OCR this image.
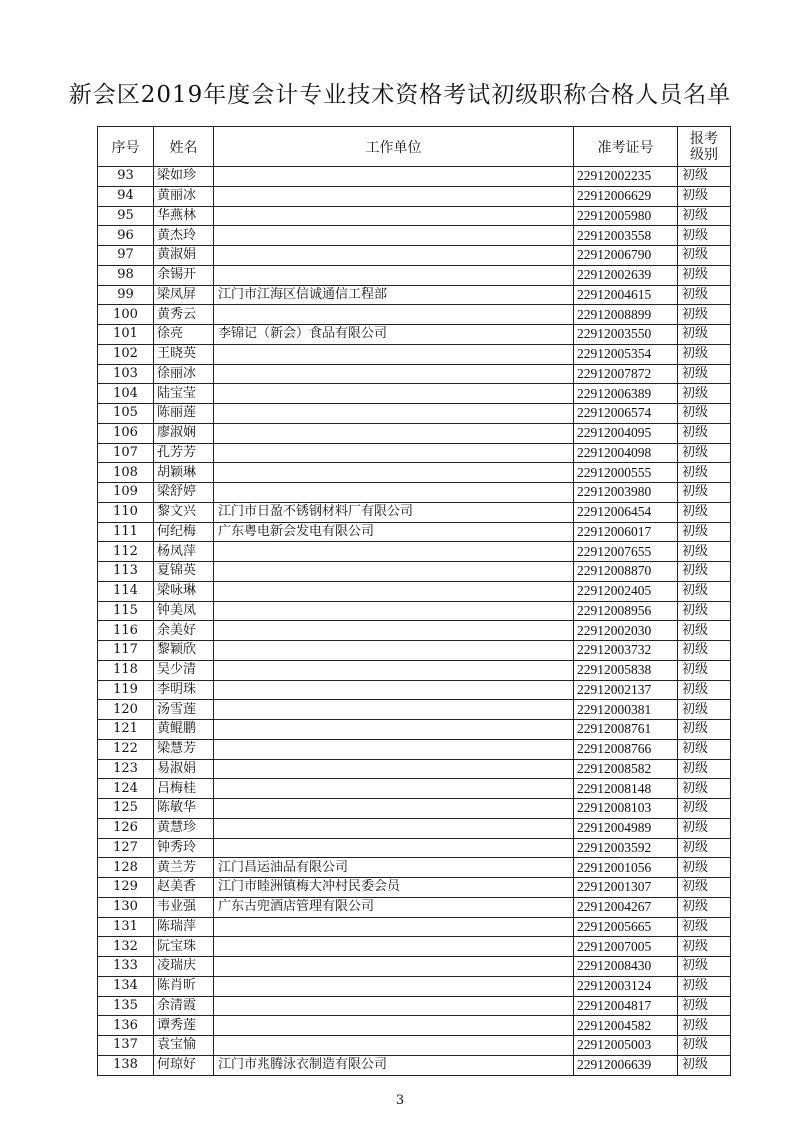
新会区2019年度会计专业技术资格考试初级职称合格人员名单
序号	姓名	工作单位	准考证号	报考
级别
93	梁如珍		22912002235	初级
94	黄丽冰		22912006629	初级
95	华燕林		22912005980	初级
96	黄杰玲		22912003558	初级
97	黄淑娟		22912006790	初级
98	余锡开		22912002639	初级
99	梁凤屏	江门市江海区信诚通信工程部	22912004615	初级
100	黄秀云		22912008899	初级
101	徐亮	李锦记（新会）食品有限公司	22912003550	初级
102	王晓英		22912005354	初级
103	徐丽冰		22912007872	初级
104	陆宝莹		22912006389	初级
105	陈丽莲		22912006574	初级
106	廖淑娴		22912004095	初级
107	孔芳芳		22912004098	初级
108	胡颖琳		22912000555	初级
109	梁舒婷		22912003980	初级
110	黎文兴	江门市日盈不锈钢材料厂有限公司	22912006454	初级
111	何纪梅	广东粤电新会发电有限公司	22912006017	初级
112	杨凤萍		22912007655	初级
113	夏锦英		22912008870	初级
114	梁咏琳		22912002405	初级
115	钟美凤		22912008956	初级
116	余美好		22912002030	初级
117	黎颖欣		22912003732	初级
118	吴少清		22912005838	初级
119	李明珠		22912002137	初级
120	汤雪莲		22912000381	初级
121	黄鲲鹏		22912008761	初级
122	梁慧芳		22912008766	初级
123	易淑娟		22912008582	初级
124	吕梅桂		22912008148	初级
125	陈敏华		22912008103	初级
126	黄慧珍		22912004989	初级
127	钟秀玲		22912003592	初级
128	黄兰芳	江门昌运油品有限公司	22912001056	初级
129	赵美香	江门市睦洲镇梅大冲村民委会员	22912001307	初级
130	韦业强	广东古兜酒店管理有限公司	22912004267	初级
131	陈瑞萍		22912005665	初级
132	阮宝珠		22912007005	初级
133	凌瑞庆		22912008430	初级
134	陈肖昕		22912003124	初级
135	余清霞		22912004817	初级
136	谭秀莲		22912004582	初级
137	袁宝愉		22912005003	初级
138	何琼好	江门市兆腾泳衣制造有限公司	22912006639	初级
3
